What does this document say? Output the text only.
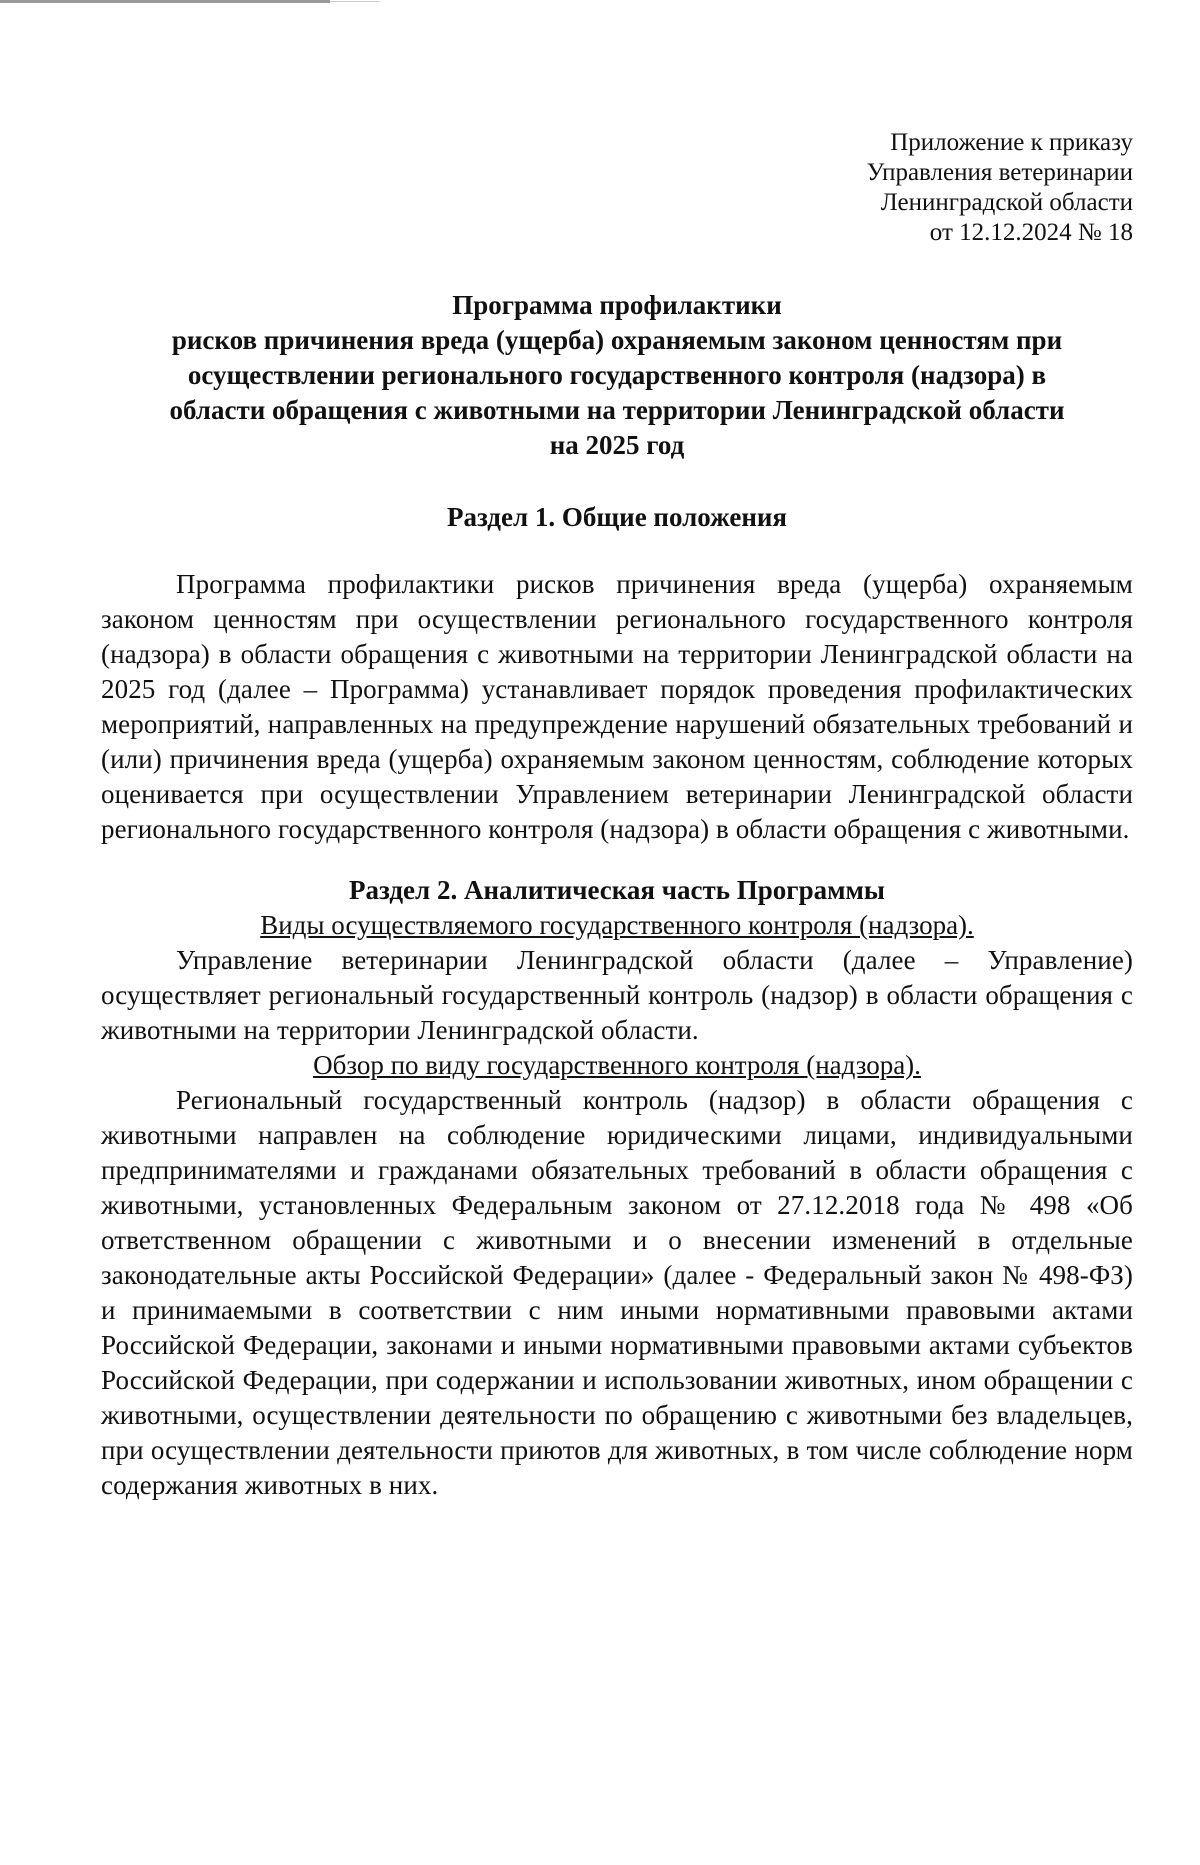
Приложение к приказу
Управления ветеринарии
Ленинградской области
от 12.12.2024 № 18
Программа профилактики
рисков причинения вреда (ущерба) охраняемым законом ценностям при
осуществлении регионального государственного контроля (надзора) в
области обращения с животными на территории Ленинградской области
на 2025 год
Раздел 1. Общие положения

Программа профилактики рисков причинения вреда (ущерба) охраняемым законом ценностям при осуществлении регионального государственного контроля (надзора) в области обращения с животными на территории Ленинградской области на 2025 год (далее – Программа) устанавливает порядок проведения профилактических мероприятий, направленных на предупреждение нарушений обязательных требований и (или) причинения вреда (ущерба) охраняемым законом ценностям, соблюдение которых оценивается при осуществлении Управлением ветеринарии Ленинградской области регионального государственного контроля (надзора) в области обращения с животными.

Раздел 2. Аналитическая часть Программы
Виды осуществляемого государственного контроля (надзора).

Управление ветеринарии Ленинградской области (далее – Управление) осуществляет региональный государственный контроль (надзор) в области обращения с животными на территории Ленинградской области.

Обзор по виду государственного контроля (надзора).

Региональный государственный контроль (надзор) в области обращения с животными направлен на соблюдение юридическими лицами, индивидуальными предпринимателями и гражданами обязательных требований в области обращения с животными, установленных Федеральным законом от 27.12.2018 года № 498 «Об ответственном обращении с животными и о внесении изменений в отдельные законодательные акты Российской Федерации» (далее - Федеральный закон № 498-ФЗ) и принимаемыми в соответствии с ним иными нормативными правовыми актами Российской Федерации, законами и иными нормативными правовыми актами субъектов Российской Федерации, при содержании и использовании животных, ином обращении с животными, осуществлении деятельности по обращению с животными без владельцев, при осуществлении деятельности приютов для животных, в том числе соблюдение норм содержания животных в них.
